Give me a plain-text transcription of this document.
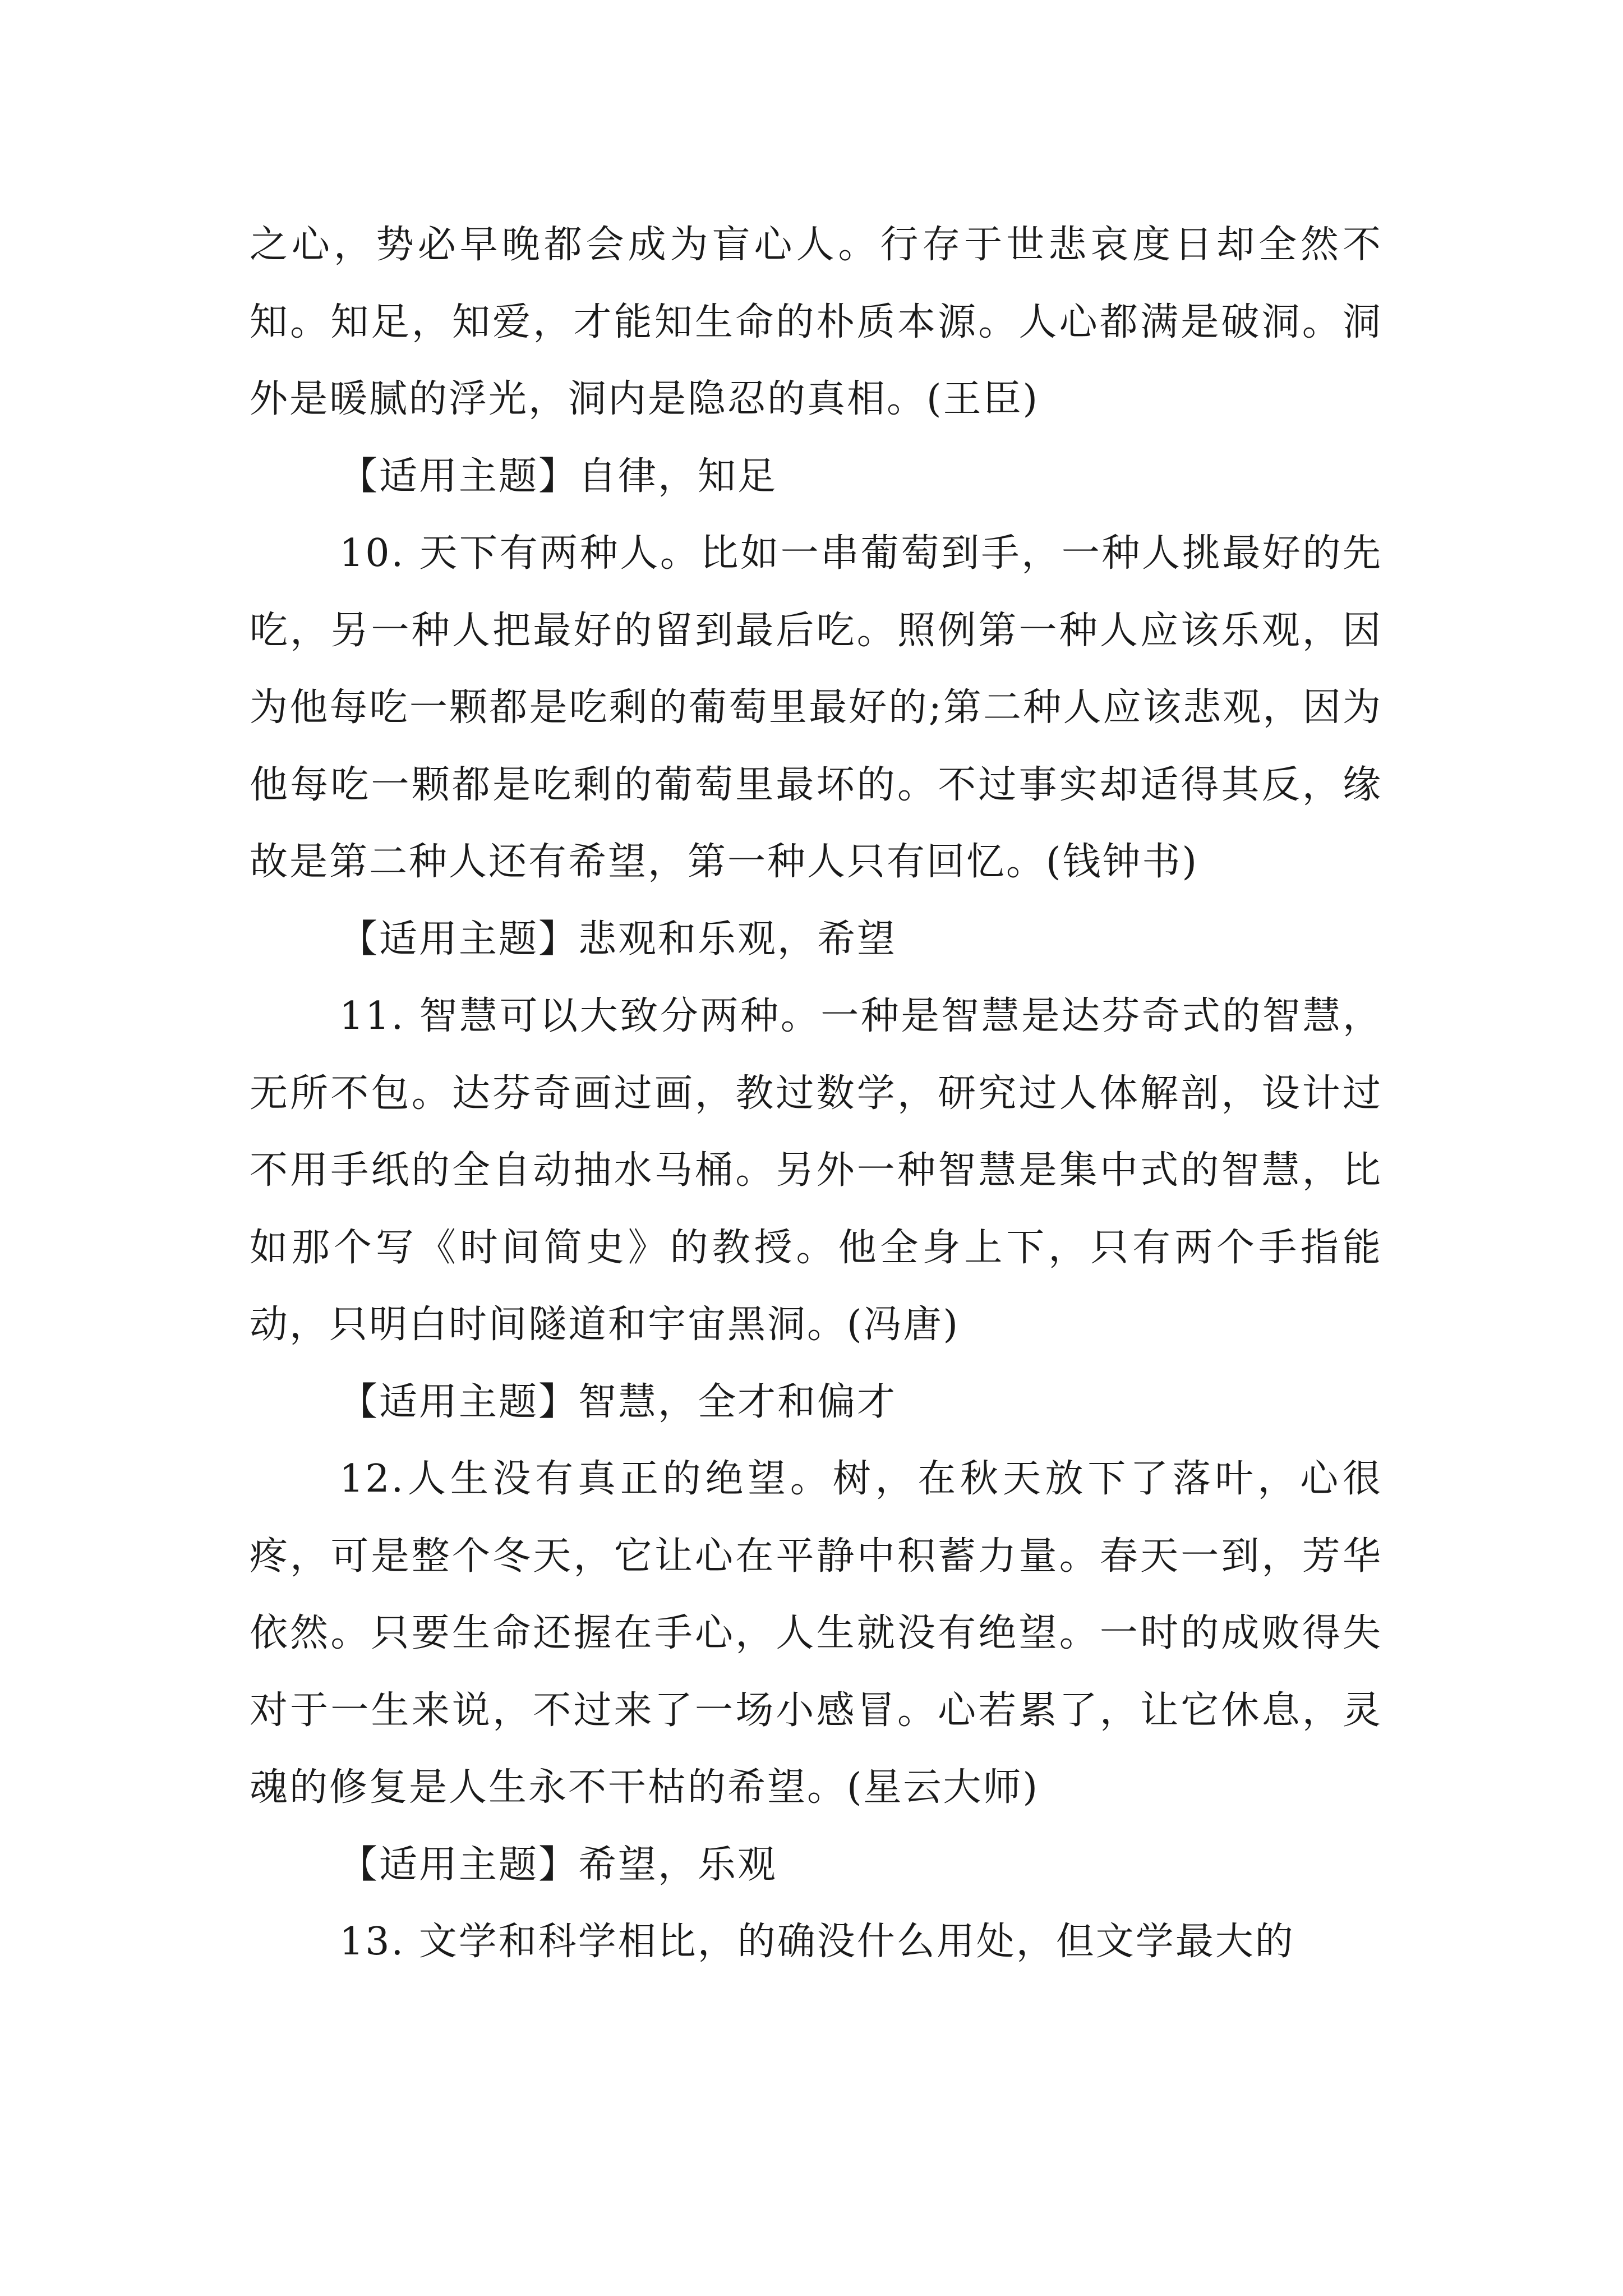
之心，势必早晚都会成为盲心人。行存于世悲哀度日却全然不知。知足，知爱，才能知生命的朴质本源。人心都满是破洞。洞外是暖腻的浮光，洞内是隐忍的真相。(王臣)

【适用主题】自律，知足

10. 天下有两种人。比如一串葡萄到手，一种人挑最好的先吃，另一种人把最好的留到最后吃。照例第一种人应该乐观，因为他每吃一颗都是吃剩的葡萄里最好的;第二种人应该悲观，因为他每吃一颗都是吃剩的葡萄里最坏的。不过事实却适得其反，缘故是第二种人还有希望，第一种人只有回忆。(钱钟书)

【适用主题】悲观和乐观，希望

11. 智慧可以大致分两种。一种是智慧是达芬奇式的智慧，无所不包。达芬奇画过画，教过数学，研究过人体解剖，设计过不用手纸的全自动抽水马桶。另外一种智慧是集中式的智慧，比如那个写《时间简史》的教授。他全身上下，只有两个手指能动，只明白时间隧道和宇宙黑洞。(冯唐)

【适用主题】智慧，全才和偏才

12.人生没有真正的绝望。树，在秋天放下了落叶，心很疼，可是整个冬天，它让心在平静中积蓄力量。春天一到，芳华依然。只要生命还握在手心，人生就没有绝望。一时的成败得失对于一生来说，不过来了一场小感冒。心若累了，让它休息，灵魂的修复是人生永不干枯的希望。(星云大师)

【适用主题】希望，乐观

13. 文学和科学相比，的确没什么用处，但文学最大的
